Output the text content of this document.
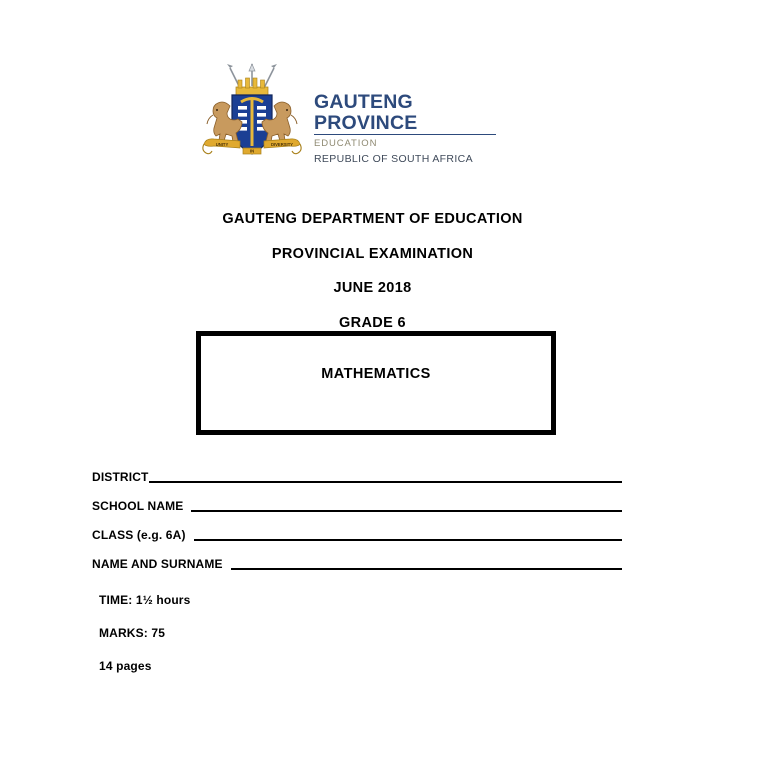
UNITY
IN
DIVERSITY
GAUTENG PROVINCE
EDUCATION
REPUBLIC OF SOUTH AFRICA
GAUTENG DEPARTMENT OF EDUCATION
PROVINCIAL EXAMINATION
JUNE 2018
GRADE 6
MATHEMATICS
DISTRICT
SCHOOL NAME
CLASS (e.g. 6A)
NAME AND SURNAME
TIME: 1½ hours
MARKS: 75
14 pages
